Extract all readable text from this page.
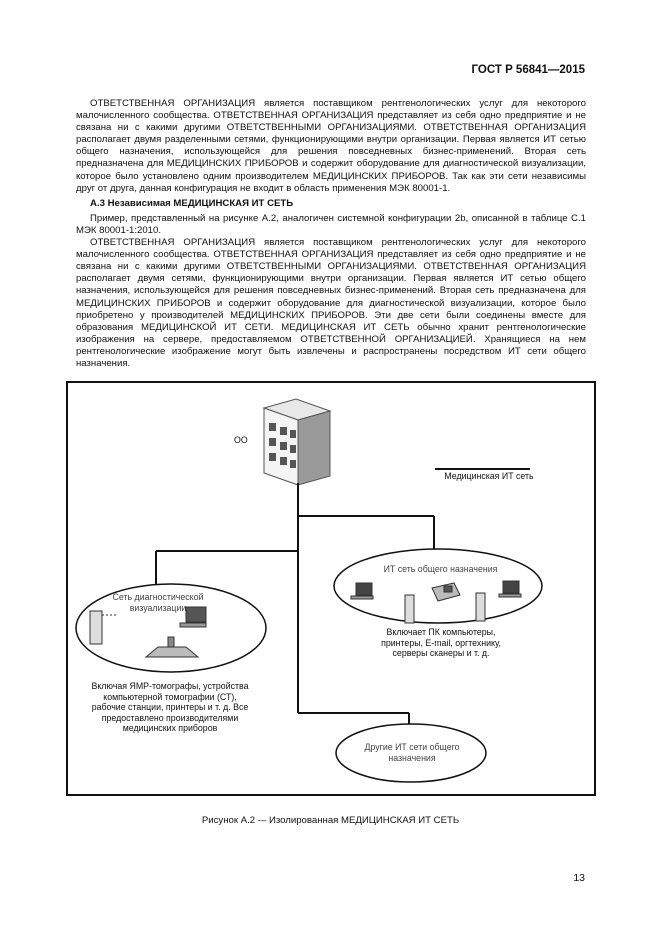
ГОСТ Р 56841—2015

ОТВЕТСТВЕННАЯ ОРГАНИЗАЦИЯ является поставщиком рентгенологических услуг для некоторого малочисленного сообщества. ОТВЕТСТВЕННАЯ ОРГАНИЗАЦИЯ представляет из себя одно предприятие и не связана ни с какими другими ОТВЕТСТВЕННЫМИ ОРГАНИЗАЦИЯМИ. ОТВЕТСТВЕННАЯ ОРГАНИЗАЦИЯ располагает двумя разделенными сетями, функционирующими внутри организации. Первая является ИТ сетью общего назначения, использующейся для решения повседневных бизнес-применений. Вторая сеть предназначена для МЕДИЦИНСКИХ ПРИБОРОВ и содержит оборудование для диагностической визуализации, которое было установлено одним производителем МЕДИЦИНСКИХ ПРИБОРОВ. Так как эти сети независимы друг от друга, данная конфигурация не входит в область применения МЭК 80001-1.

А.3 Независимая МЕДИЦИНСКАЯ ИТ СЕТЬ

Пример, представленный на рисунке А.2, аналогичен системной конфигурации 2b, описанной в таблице С.1 МЭК 80001-1:2010.

ОТВЕТСТВЕННАЯ ОРГАНИЗАЦИЯ является поставщиком рентгенологических услуг для некоторого малочисленного сообщества. ОТВЕТСТВЕННАЯ ОРГАНИЗАЦИЯ представляет из себя одно предприятие и не связана ни с какими другими ОТВЕТСТВЕННЫМИ ОРГАНИЗАЦИЯМИ. ОТВЕТСТВЕННАЯ ОРГАНИЗАЦИЯ располагает двумя сетями, функционирующими внутри организации. Первая является ИТ сетью общего назначения, использующейся для решения повседневных бизнес-применений. Вторая сеть предназначена для МЕДИЦИНСКИХ ПРИБОРОВ и содержит оборудование для диагностической визуализации, которое было приобретено у производителей МЕДИЦИНСКИХ ПРИБОРОВ. Эти две сети были соединены вместе для образования МЕДИЦИНСКОЙ ИТ СЕТИ. МЕДИЦИНСКАЯ ИТ СЕТЬ обычно хранит рентгенологические изображения на сервере, предоставляемом ОТВЕТСТВЕННОЙ ОРГАНИЗАЦИЕЙ. Хранящиеся на нем рентгенологические изображение могут быть извлечены и распространены посредством ИТ сети общего назначения.

ОО
Медицинская ИТ сеть
Сеть диагностической визуализации
Включая ЯМР-томографы, устройства компьютерной томографии (СТ), рабочие станции, принтеры и т. д. Все предоставлено производителями медицинских приборов
ИТ сеть общего назначения
Включает ПК компьютеры, принтеры, E-mail, оргтехнику, серверы сканеры и т. д.
Другие ИТ сети общего назначения
Рисунок А.2 -– Изолированная МЕДИЦИНСКАЯ ИТ СЕТЬ
13
